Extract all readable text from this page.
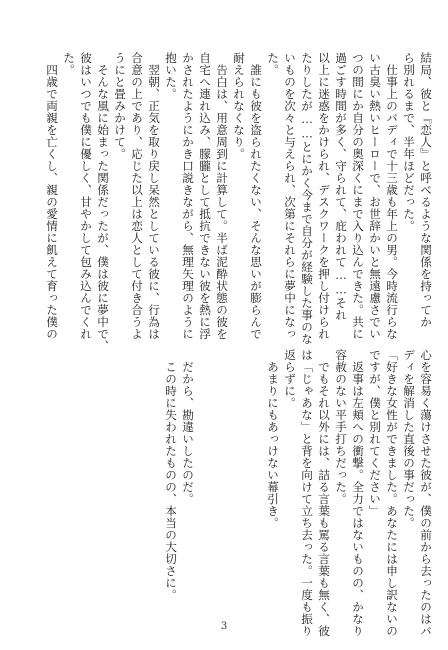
結局、彼と『恋人』と呼べるような関係を持ってか
ら別れるまで、半年ほどだった。
　仕事上のバディで十三歳も年上の男。今時流行らな
い古臭い熱いヒーローで、お世辞かいと無遠慮さでい
つの間にか自分の奥深くにまで入り込んできた。共に
過ごす時間が多く、守られて、庇われて……それ
以上に迷惑をかけられ、デスクワークを押し付けられ
たりしたが……とにかく今まで自分が経験した事のな
いものを次々と与えられ、次第にそれらに夢中になっ
た。
　誰にも彼を盗られたくない、そんな思いが膨らんで
耐えられなくなり。
　告白は、用意周到に計算して。半ば泥酔状態の彼を
自宅へ連れ込み、朦朧として抵抗できない彼を熱に浮
かされたようにかき口説きながら、無理矢理のように
抱いた。
　翌朝、正気を取り戻し呆然としている彼に、行為は
合意の上であり、応じた以上は恋人として付き合うよ
うにと畳みかけて。
　そんな風に始まった関係だったが、僕は彼に夢中で、
彼はいつでも僕に優しく、甘やかして包み込んでくれ
た。
　四歳で両親を亡くし、親の愛情に飢えて育った僕の
心を容易く蕩けさせた彼が、僕の前から去ったのはバ
ディを解消した直後の事だった。
「好きな女性ができました。あなたには申し訳ないの
ですが、僕と別れてください」
　返事は左頬への衝撃。全力ではないものの、かなり
容赦のない平手打ちだった。
　でもそれ以外には、詰る言葉も罵る言葉も無く、彼
は「じゃあな」と背を向けて立ち去った。一度も振り
返らずに。
　あまりにもあっけない幕引き。

　だから、勘違いしたのだ。
　この時に失われたものの、本当の大切さに。
3
